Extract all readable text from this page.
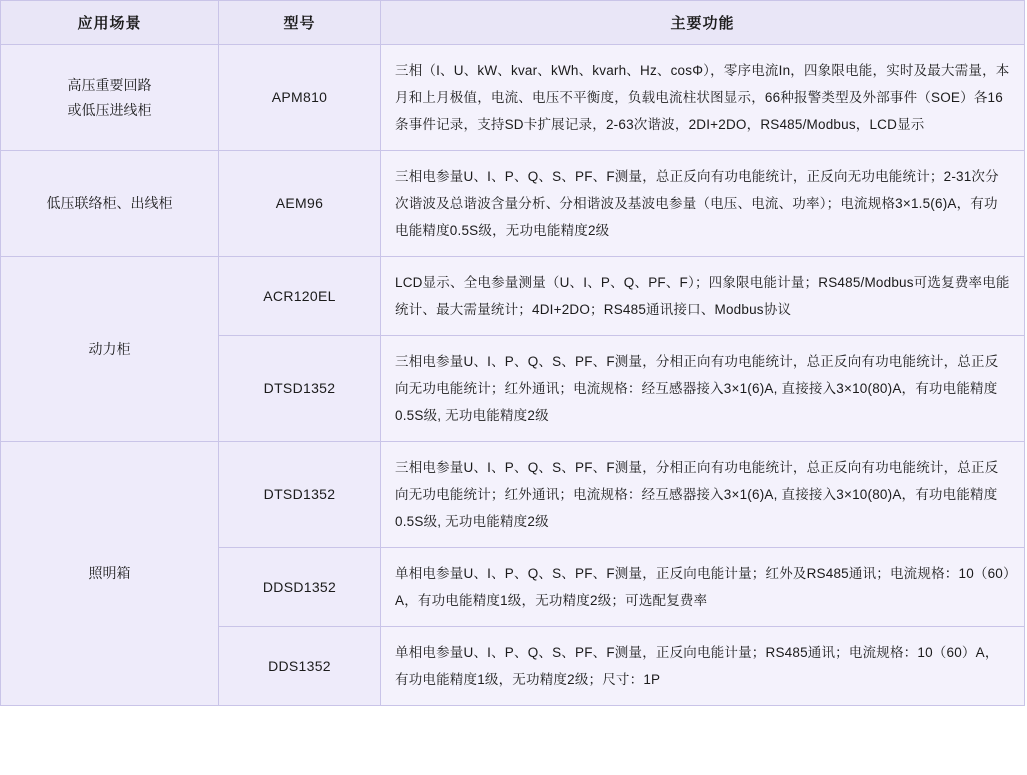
应用场景	型号	主要功能

高压重要回路
或低压进线柜	APM810	三相（I、U、kW、kvar、kWh、kvarh、Hz、cosΦ），零序电流In，四象限电能，实时及最大需量，本月和上月极值，电流、电压不平衡度，负载电流柱状图显示，66种报警类型及外部事件（SOE）各16条事件记录，支持SD卡扩展记录，2-63次谐波，2DI+2DO，RS485/Modbus，LCD显示
低压联络柜、出线柜	AEM96	三相电参量U、I、P、Q、S、PF、F测量，总正反向有功电能统计，正反向无功电能统计；2-31次分次谐波及总谐波含量分析、分相谐波及基波电参量（电压、电流、功率）；电流规格3×1.5(6)A，有功电能精度0.5S级，无功电能精度2级
动力柜	ACR120EL	LCD显示、全电参量测量（U、I、P、Q、PF、F）；四象限电能计量；RS485/Modbus可选复费率电能统计、最大需量统计；4DI+2DO；RS485通讯接口、Modbus协议
	DTSD1352	三相电参量U、I、P、Q、S、PF、F测量，分相正向有功电能统计，总正反向有功电能统计，总正反向无功电能统计；红外通讯；电流规格：经互感器接入3×1(6)A, 直接接入3×10(80)A，有功电能精度0.5S级, 无功电能精度2级
照明箱	DTSD1352	三相电参量U、I、P、Q、S、PF、F测量，分相正向有功电能统计，总正反向有功电能统计，总正反向无功电能统计；红外通讯；电流规格：经互感器接入3×1(6)A, 直接接入3×10(80)A，有功电能精度0.5S级, 无功电能精度2级
	DDSD1352	单相电参量U、I、P、Q、S、PF、F测量，正反向电能计量；红外及RS485通讯；电流规格：10（60）A，有功电能精度1级，无功精度2级；可选配复费率
	DDS1352	单相电参量U、I、P、Q、S、PF、F测量，正反向电能计量；RS485通讯；电流规格：10（60）A，有功电能精度1级，无功精度2级；尺寸：1P
